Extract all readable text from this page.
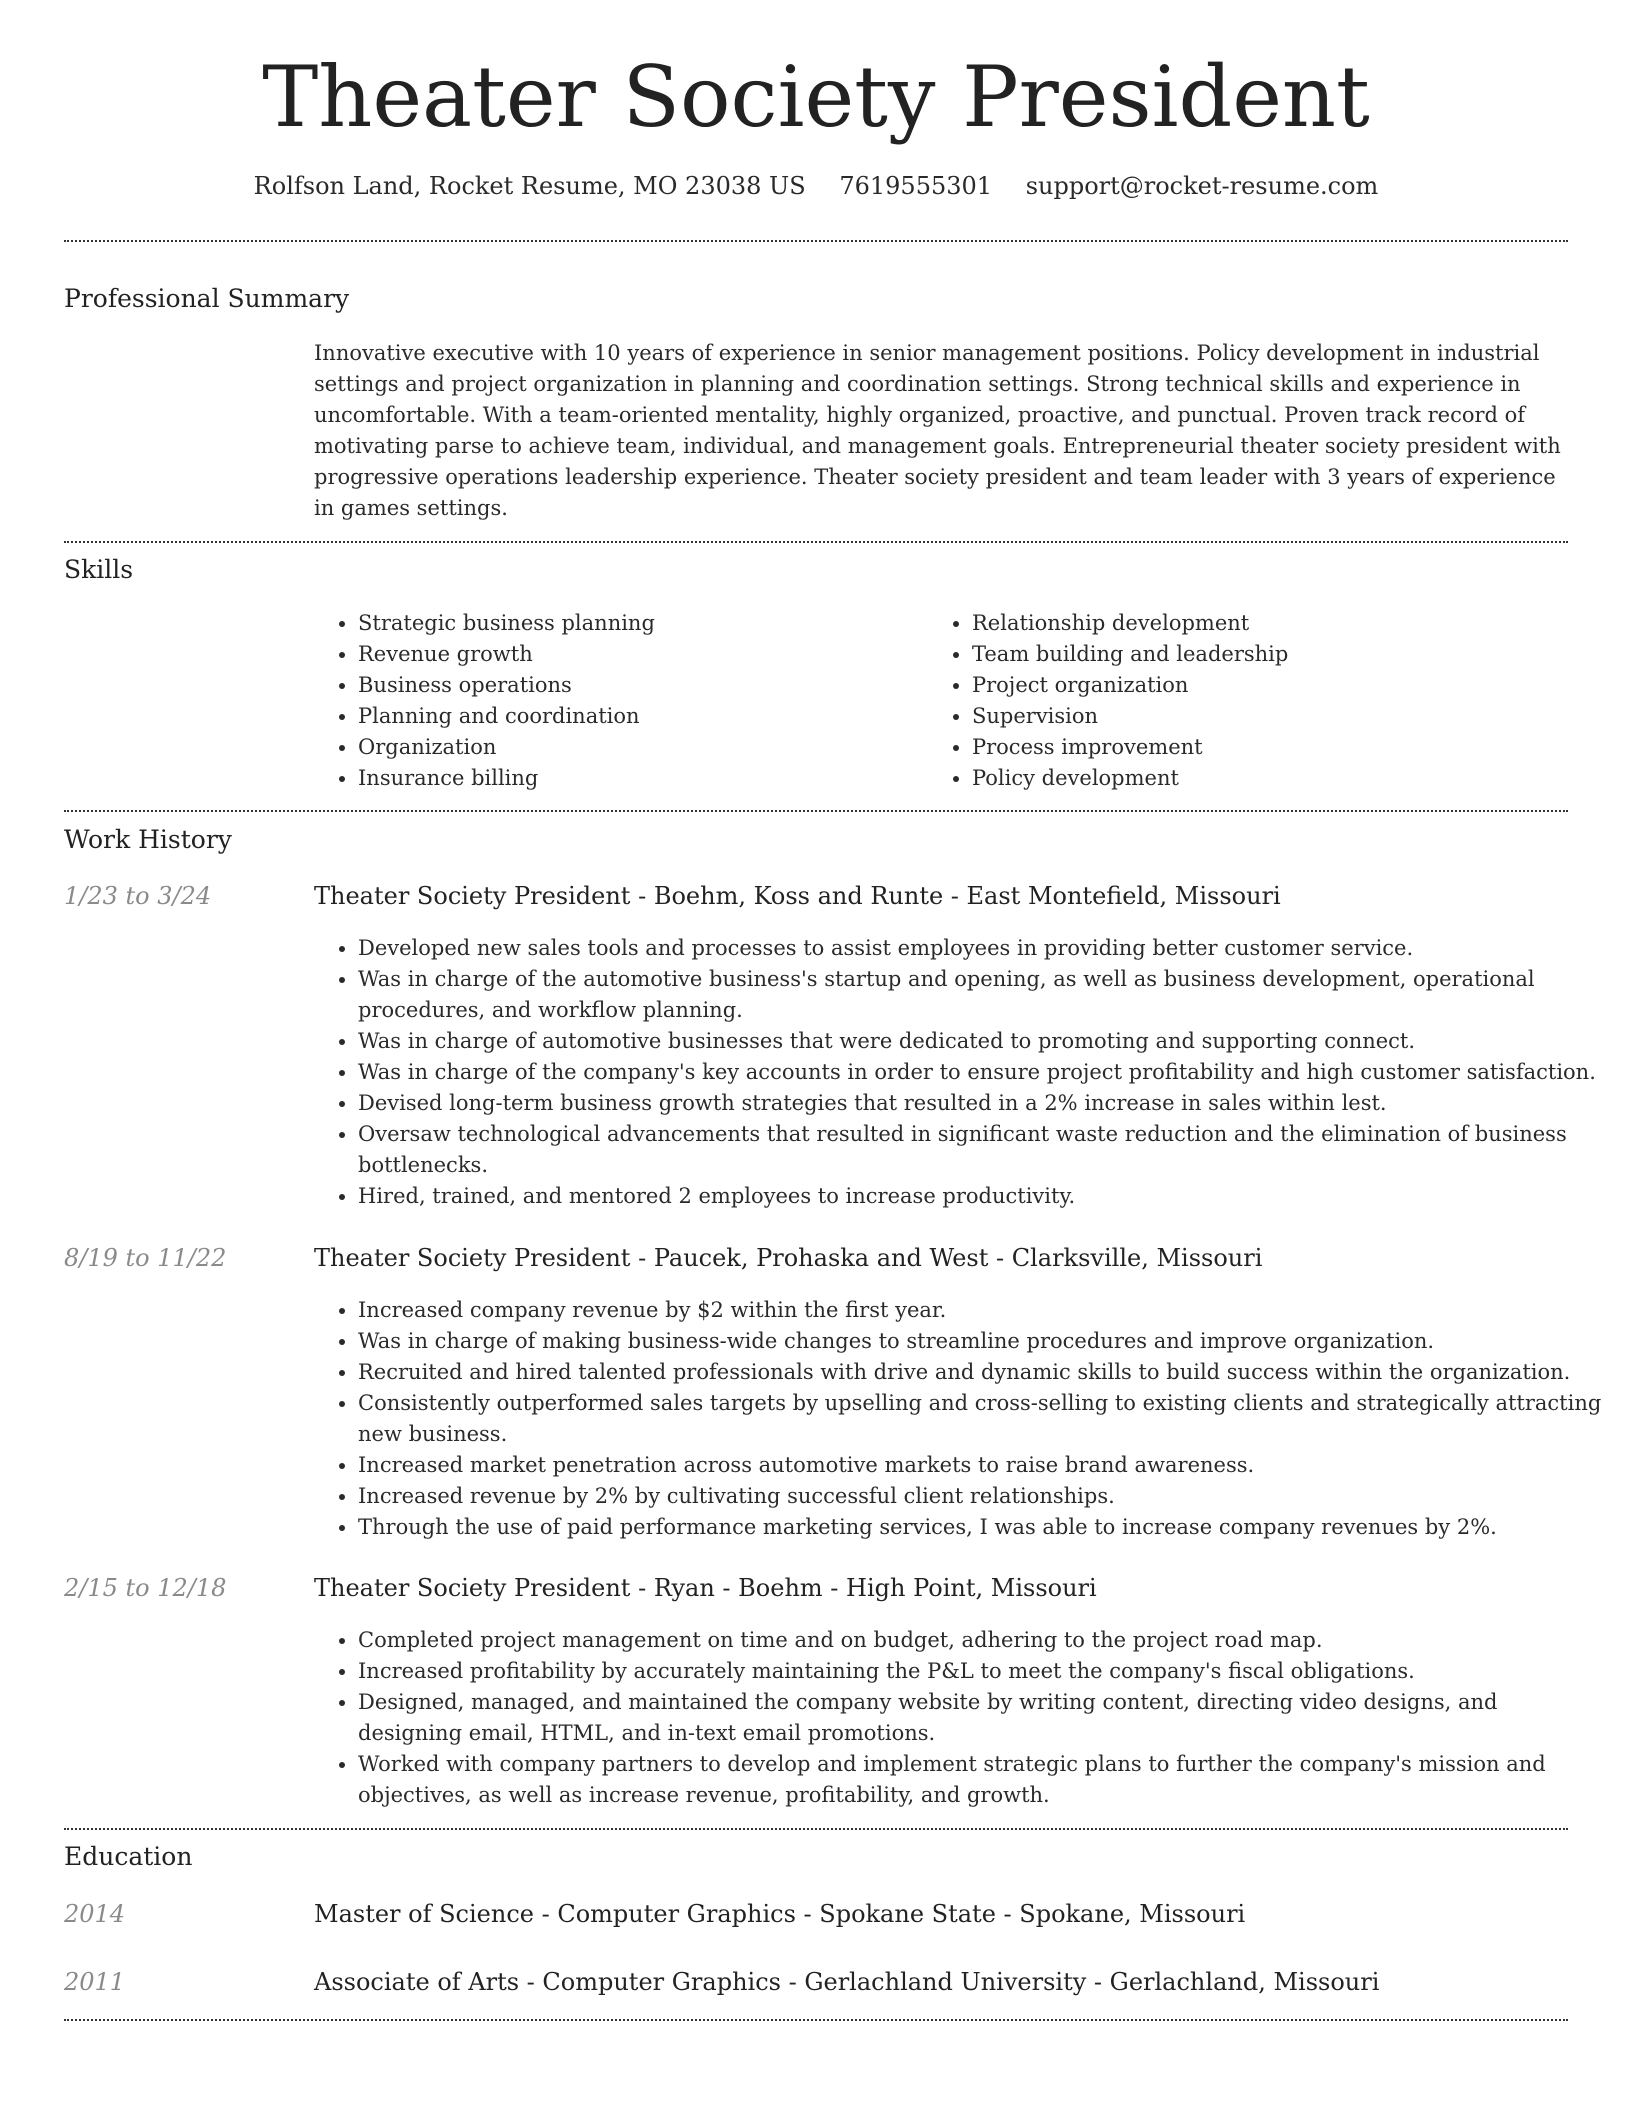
Theater Society President
Rolfson Land, Rocket Resume, MO 23038 US 7619555301 support@rocket-resume.com
Professional Summary
Innovative executive with 10 years of experience in senior management positions. Policy development in industrial settings and project organization in planning and coordination settings. Strong technical skills and experience in uncomfortable. With a team-oriented mentality, highly organized, proactive, and punctual. Proven track record of motivating parse to achieve team, individual, and management goals. Entrepreneurial theater society president with progressive operations leadership experience. Theater society president and team leader with 3 years of experience in games settings.
Skills
• Strategic business planning
• Revenue growth
• Business operations
• Planning and coordination
• Organization
• Insurance billing
• Relationship development
• Team building and leadership
• Project organization
• Supervision
• Process improvement
• Policy development
Work History
1/23 to 3/24	Theater Society President - Boehm, Koss and Runte - East Montefield, Missouri
• Developed new sales tools and processes to assist employees in providing better customer service.
• Was in charge of the automotive business's startup and opening, as well as business development, operational procedures, and workflow planning.
• Was in charge of automotive businesses that were dedicated to promoting and supporting connect.
• Was in charge of the company's key accounts in order to ensure project profitability and high customer satisfaction.
• Devised long-term business growth strategies that resulted in a 2% increase in sales within lest.
• Oversaw technological advancements that resulted in significant waste reduction and the elimination of business bottlenecks.
• Hired, trained, and mentored 2 employees to increase productivity.
8/19 to 11/22	Theater Society President - Paucek, Prohaska and West - Clarksville, Missouri
• Increased company revenue by $2 within the first year.
• Was in charge of making business-wide changes to streamline procedures and improve organization.
• Recruited and hired talented professionals with drive and dynamic skills to build success within the organization.
• Consistently outperformed sales targets by upselling and cross-selling to existing clients and strategically attracting new business.
• Increased market penetration across automotive markets to raise brand awareness.
• Increased revenue by 2% by cultivating successful client relationships.
• Through the use of paid performance marketing services, I was able to increase company revenues by 2%.
2/15 to 12/18	Theater Society President - Ryan - Boehm - High Point, Missouri
• Completed project management on time and on budget, adhering to the project road map.
• Increased profitability by accurately maintaining the P&L to meet the company's fiscal obligations.
• Designed, managed, and maintained the company website by writing content, directing video designs, and designing email, HTML, and in-text email promotions.
• Worked with company partners to develop and implement strategic plans to further the company's mission and objectives, as well as increase revenue, profitability, and growth.
Education
2014	Master of Science - Computer Graphics - Spokane State - Spokane, Missouri
2011	Associate of Arts - Computer Graphics - Gerlachland University - Gerlachland, Missouri
